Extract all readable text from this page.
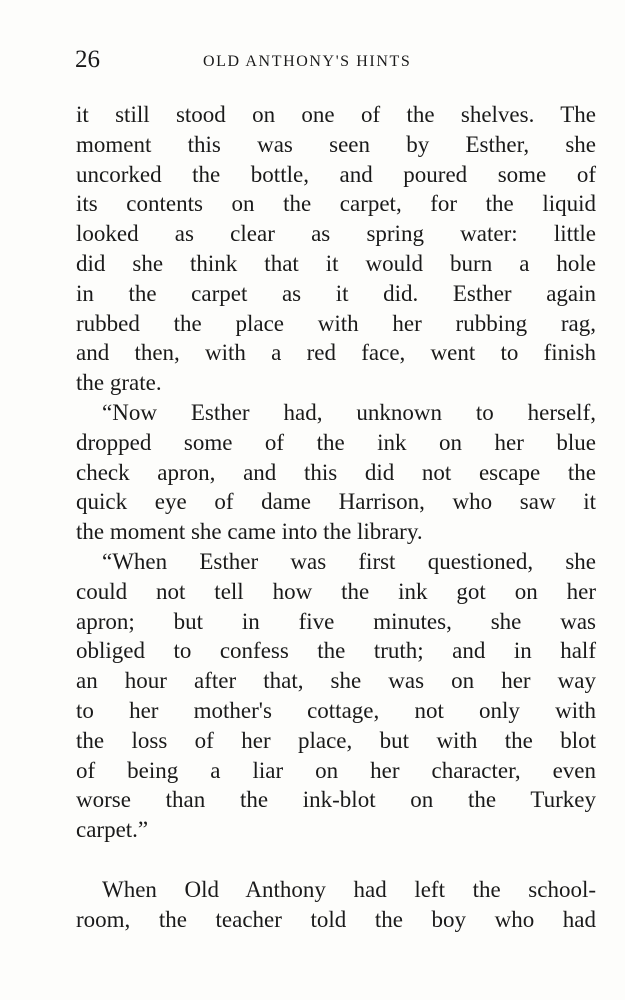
26	OLD ANTHONY'S HINTS
it still stood on one of the shelves. The
moment this was seen by Esther, she
uncorked the bottle, and poured some of
its contents on the carpet, for the liquid
looked as clear as spring water: little
did she think that it would burn a hole
in the carpet as it did. Esther again
rubbed the place with her rubbing rag,
and then, with a red face, went to finish
the grate.
“Now Esther had, unknown to herself,
dropped some of the ink on her blue
check apron, and this did not escape the
quick eye of dame Harrison, who saw it
the moment she came into the library.
“When Esther was first questioned, she
could not tell how the ink got on her
apron; but in five minutes, she was
obliged to confess the truth; and in half
an hour after that, she was on her way
to her mother's cottage, not only with
the loss of her place, but with the blot
of being a liar on her character, even
worse than the ink-blot on the Turkey
carpet.”
When Old Anthony had left the school-
room, the teacher told the boy who had
